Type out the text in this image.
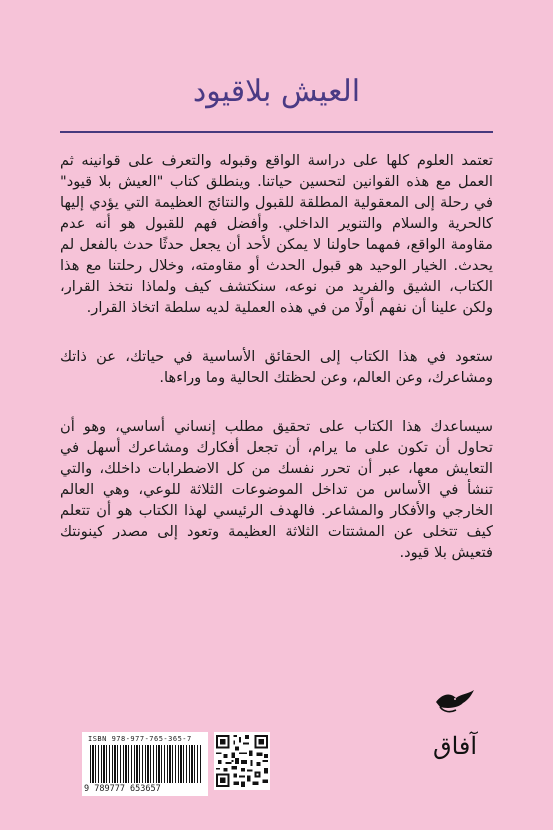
العيش بلاقيود

تعتمد العلوم كلها على دراسة الواقع وقبوله والتعرف على قوانينه ثم العمل مع هذه القوانين لتحسين حياتنا. وينطلق كتاب "العيش بلا قيود" في رحلة إلى المعقولية المطلقة للقبول والنتائج العظيمة التي يؤدي إليها كالحرية والسلام والتنوير الداخلي. وأفضل فهم للقبول هو أنه عدم مقاومة الواقع، فمهما حاولنا لا يمكن لأحد أن يجعل حدثًا حدث بالفعل لم يحدث. الخيار الوحيد هو قبول الحدث أو مقاومته، وخلال رحلتنا مع هذا الكتاب، الشيق والفريد من نوعه، سنكتشف كيف ولماذا نتخذ القرار، ولكن علينا أن نفهم أولًا من في هذه العملية لديه سلطة اتخاذ القرار.

ستعود في هذا الكتاب إلى الحقائق الأساسية في حياتك، عن ذاتك ومشاعرك، وعن العالم، وعن لحظتك الحالية وما وراءها.

سيساعدك هذا الكتاب على تحقيق مطلب إنساني أساسي، وهو أن تحاول أن تكون على ما يرام، أن تجعل أفكارك ومشاعرك أسهل في التعايش معها، عبر أن تحرر نفسك من كل الاضطرابات داخلك، والتي تنشأ في الأساس من تداخل الموضوعات الثلاثة للوعي، وهي العالم الخارجي والأفكار والمشاعر. فالهدف الرئيسي لهذا الكتاب هو أن تتعلم كيف تتخلى عن المشتتات الثلاثة العظيمة وتعود إلى مصدر كينونتك فتعيش بلا قيود.

ISBN 978-977-765-365-7
9 789777 653657
آفاق
